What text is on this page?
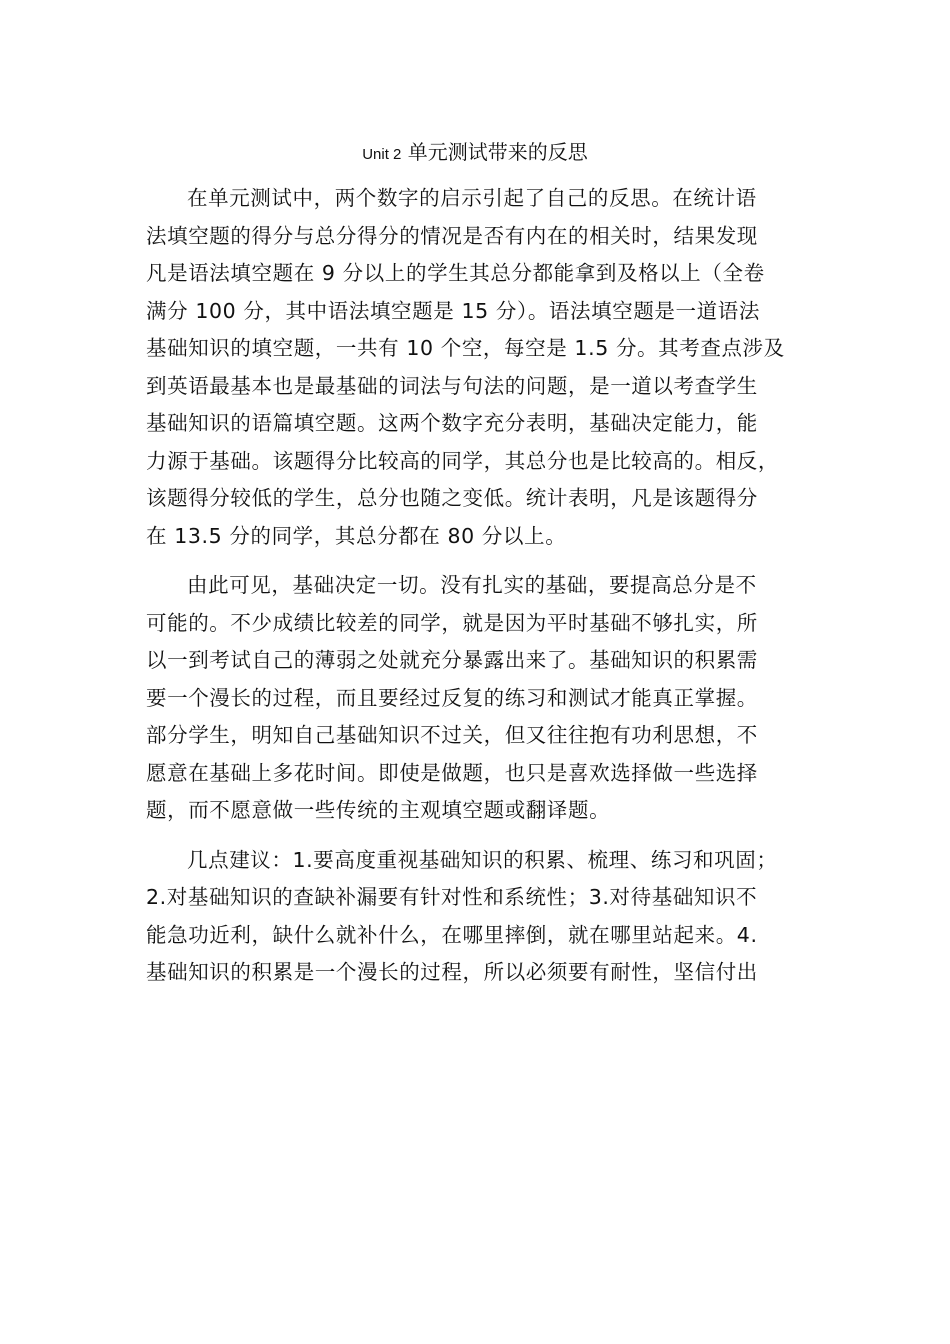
Unit 2 单元测试带来的反思

在单元测试中，两个数字的启示引起了自己的反思。在统计语
法填空题的得分与总分得分的情况是否有内在的相关时，结果发现
凡是语法填空题在 9 分以上的学生其总分都能拿到及格以上（全卷
满分 100 分，其中语法填空题是 15 分）。语法填空题是一道语法
基础知识的填空题，一共有 10 个空，每空是 1.5 分。其考查点涉及
到英语最基本也是最基础的词法与句法的问题，是一道以考查学生
基础知识的语篇填空题。这两个数字充分表明，基础决定能力，能
力源于基础。该题得分比较高的同学，其总分也是比较高的。相反，
该题得分较低的学生，总分也随之变低。统计表明，凡是该题得分
在 13.5 分的同学，其总分都在 80 分以上。

由此可见，基础决定一切。没有扎实的基础，要提高总分是不
可能的。不少成绩比较差的同学，就是因为平时基础不够扎实，所
以一到考试自己的薄弱之处就充分暴露出来了。基础知识的积累需
要一个漫长的过程，而且要经过反复的练习和测试才能真正掌握。
部分学生，明知自己基础知识不过关，但又往往抱有功利思想，不
愿意在基础上多花时间。即使是做题，也只是喜欢选择做一些选择
题，而不愿意做一些传统的主观填空题或翻译题。

几点建议：1.要高度重视基础知识的积累、梳理、练习和巩固；
2.对基础知识的查缺补漏要有针对性和系统性；3.对待基础知识不
能急功近利，缺什么就补什么，在哪里摔倒，就在哪里站起来。4.
基础知识的积累是一个漫长的过程，所以必须要有耐性，坚信付出
